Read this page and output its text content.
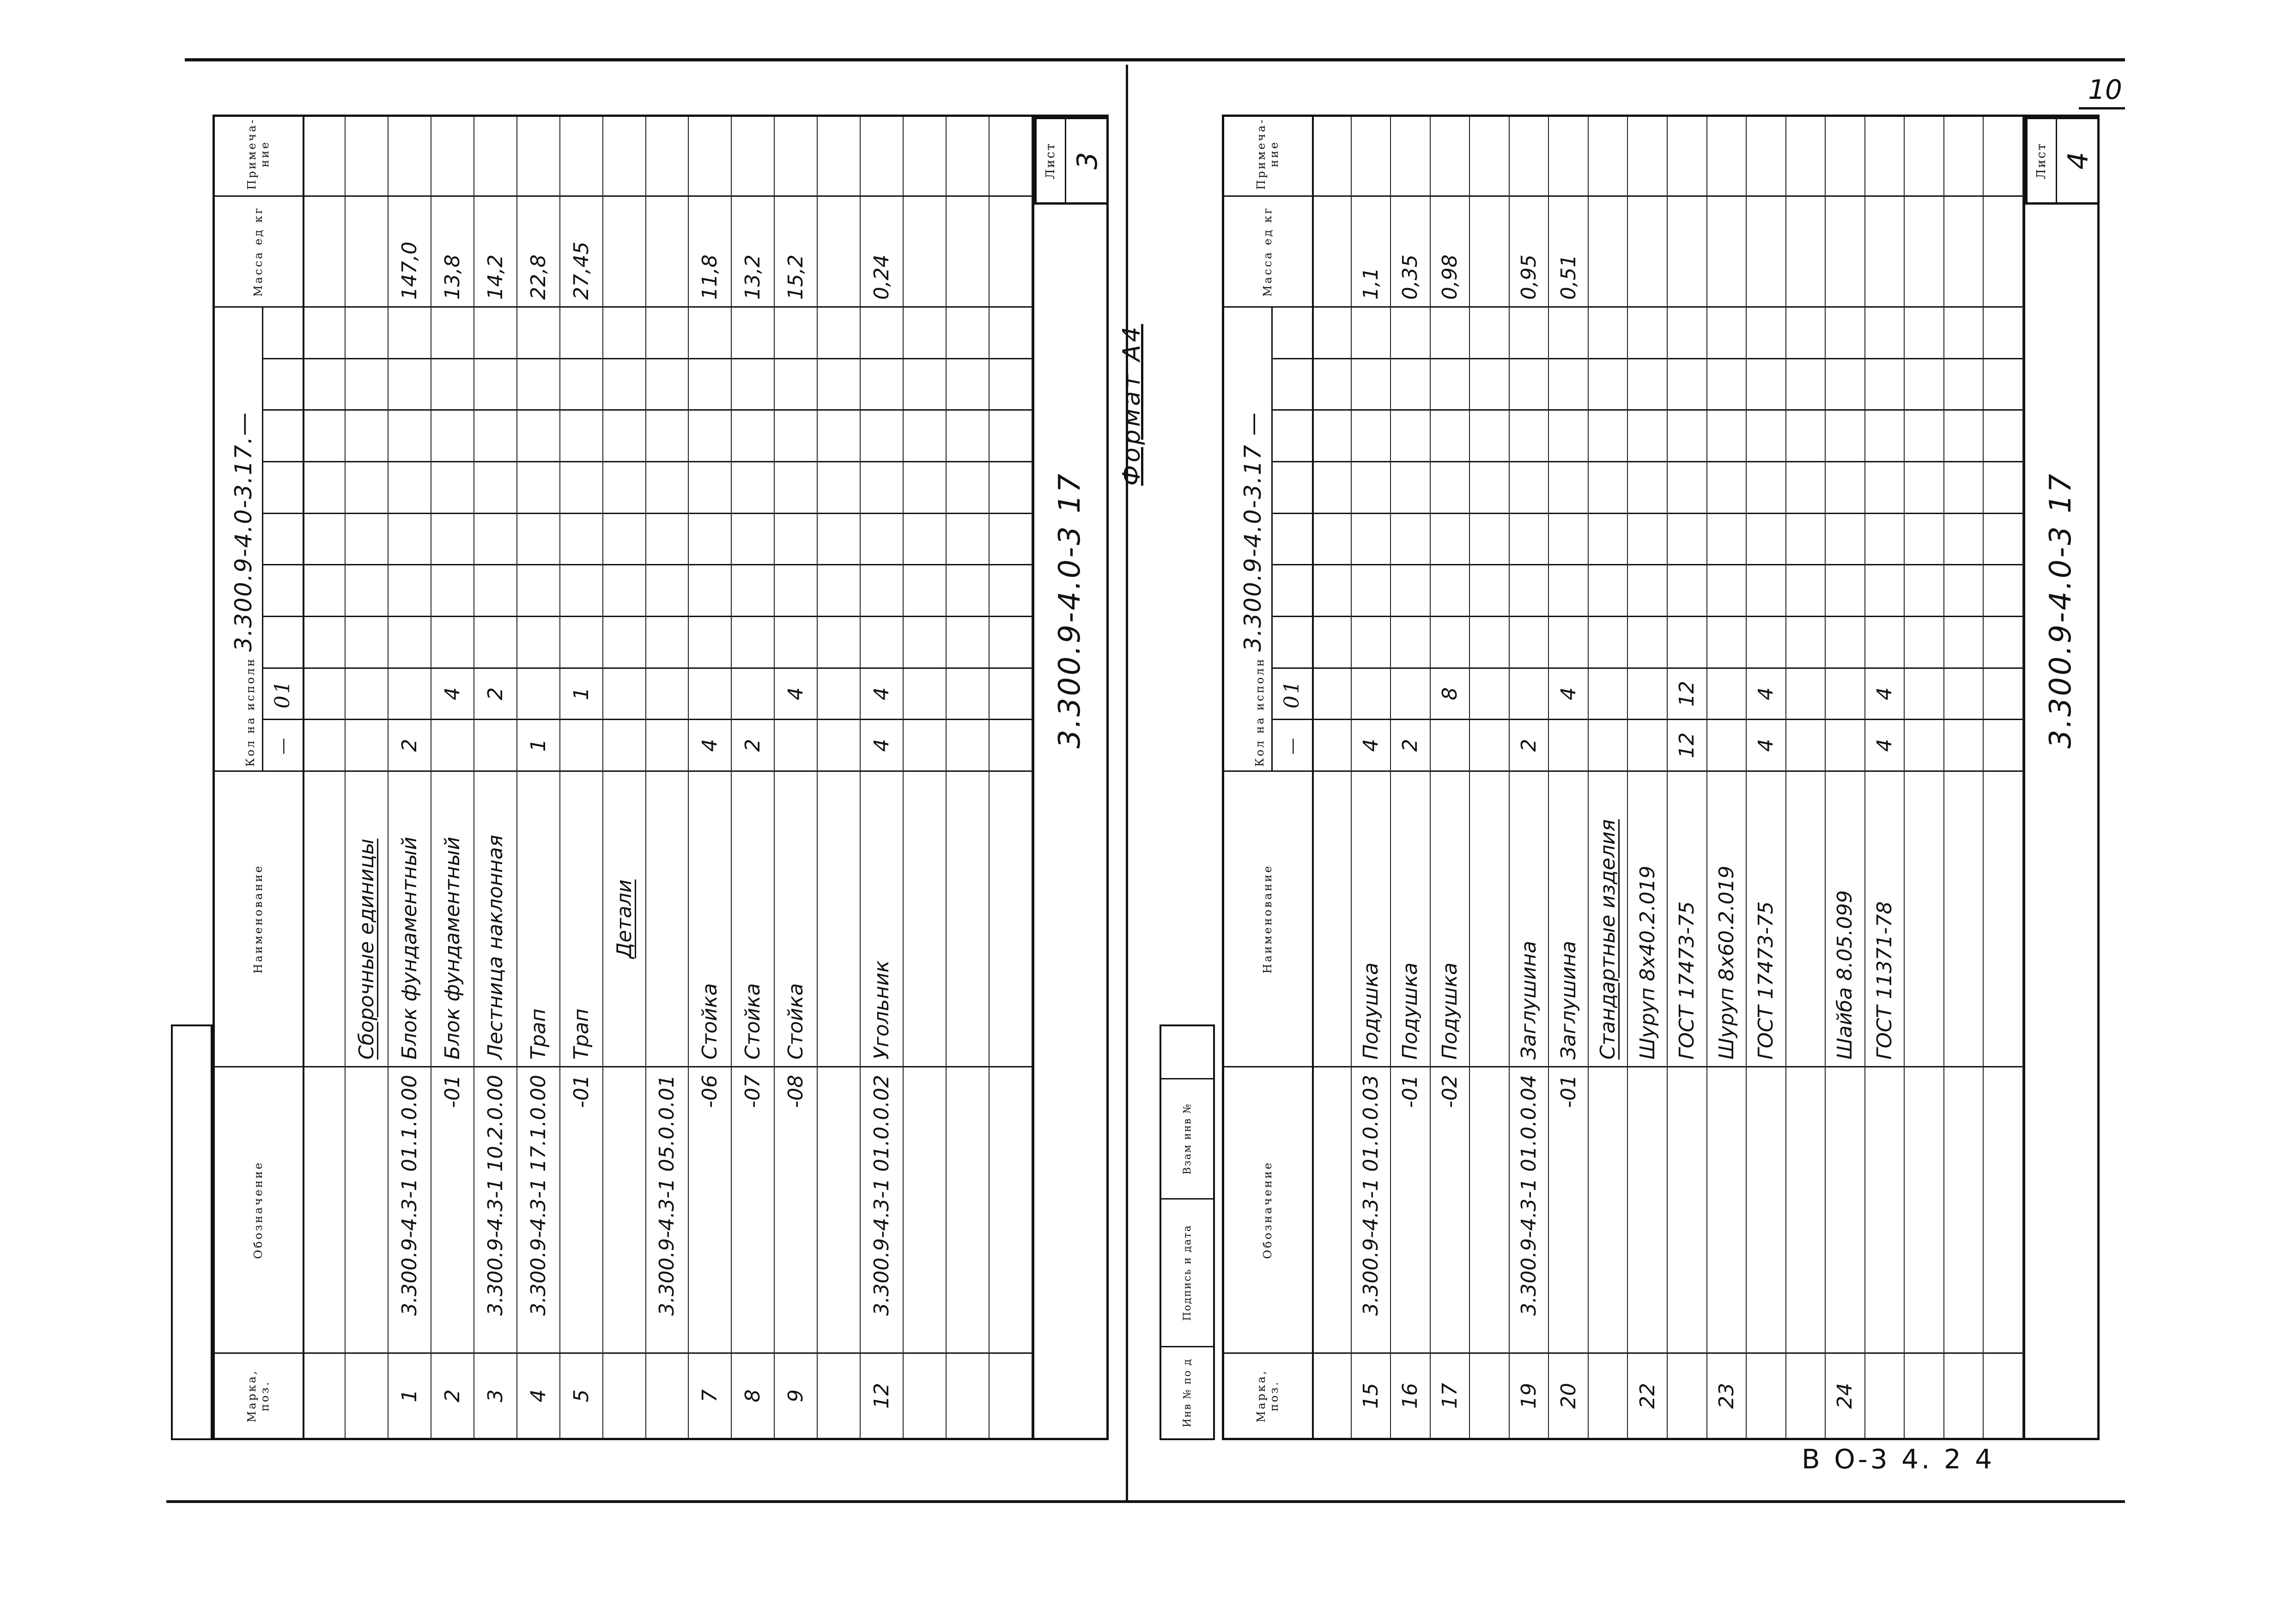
Марка, поз.
Обозначение
Наименование
Кол на исполн
3.300.9-4.0-3.17.—
—
01
Масса ед кг
Примеча- ние
Сборочные единицы
1
3.300.9-4.3-1 01.1.0.00
Блок фундаментный
2
147,0
2
-01
Блок фундаментный
4
13,8
3
3.300.9-4.3-1 10.2.0.00
Лестница наклонная
2
14,2
4
3.300.9-4.3-1 17.1.0.00
Трап
1
22,8
5
-01
Трап
1
27,45
Детали
3.300.9-4.3-1 05.0.0.01
7
-06
Стойка
4
11,8
8
-07
Стойка
2
13,2
9
-08
Стойка
4
15,2
12
3.300.9-4.3-1 01.0.0.02
Угольник
4
4
0,24
3.300.9-4.0-3 17
Лист 3
Формат А4
Марка, поз.
Обозначение
Наименование
Кол на исполн
3.300.9-4.0-3.17 —
—
01
Масса ед кг
Примеча- ние
15
3.300.9-4.3-1 01.0.0.03
Подушка
4
1,1
16
-01
Подушка
2
0,35
17
-02
Подушка
8
0,98
19
3.300.9-4.3-1 01.0.0.04
Заглушина
2
0,95
20
-01
Заглушина
4
0,51
Стандартные изделия
22
Шуруп 8х40.2.019 ГОСТ 17473-75
12
12
23
Шуруп 8х60.2.019 ГОСТ 17473-75
4
4
24
Шайба 8.05.099 ГОСТ 11371-78
4
4	3.300.9-4.0-3 17
Лист 4
Инв № по д
Подпись и дата
Взам инв №
10
В О-3 4. 2 4
